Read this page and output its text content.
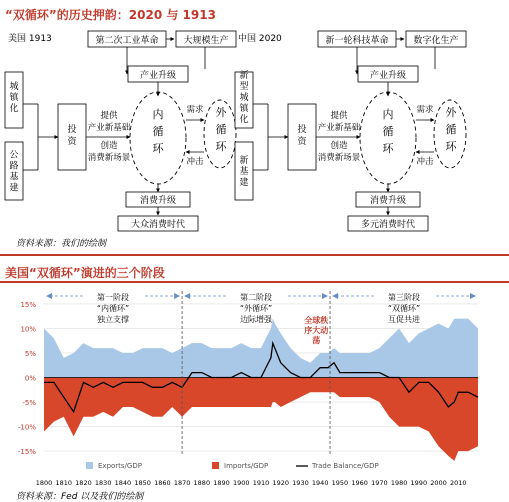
“双循环”的历史押韵：2020 与 1913
美国 1913	第二次工业革命	大规模生产
产业升级
城
镇
化
公
路
基
建
投
资
提供
产业新基础
创造
消费新场景
内
循
环
外
循
环
需求
冲击
消费升级
大众消费时代
中国 2020	新一轮科技革命	数字化生产
产业升级
新
型
城
镇
化
新
基
建
投
资
提供
产业新基础
创造
消费新场景
内
循
环
外
循
环
需求
冲击
消费升级
多元消费时代
资料来源：我们的绘制
美国“双循环”演进的三个阶段
15%
10%
5%
0%
-5%
-10%
-15%
第一阶段
“内循环”
独立支撑
第二阶段
“外循环”
边际增强
第三阶段
“双循环”
互促共进
全球秩
序大动
荡
1800 1810 1820 1830 1840 1850 1860 1870 1880 1890 1900 1910 1920 1930 1940 1950 1960 1970 1980 1990 2000 2010
Exports/GDP	Imports/GDP	Trade Balance/GDP
资料来源：Fed 以及我们的绘制
